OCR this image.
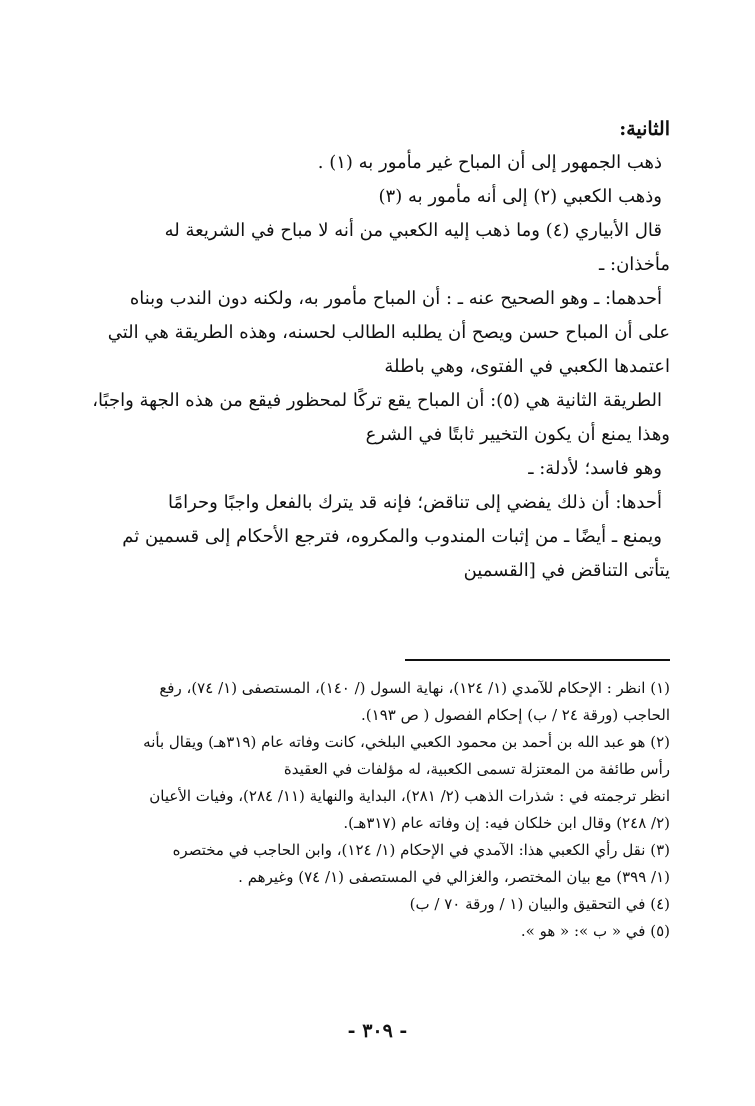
الثانية:
ذهب الجمهور إلى أن المباح غير مأمور به (١) .
وذهب الكعبي (٢) إلى أنه مأمور به (٣)
قال الأبياري (٤) وما ذهب إليه الكعبي من أنه لا مباح في الشريعة له
مأخذان: ـ
أحدهما: ـ وهو الصحيح عنه ـ : أن المباح مأمور به، ولكنه دون الندب وبناه
على أن المباح حسن ويصح أن يطلبه الطالب لحسنه، وهذه الطريقة هي التي
اعتمدها الكعبي في الفتوى، وهي باطلة
الطريقة الثانية هي (٥): أن المباح يقع تركًا لمحظور فيقع من هذه الجهة واجبًا،
وهذا يمنع أن يكون التخيير ثابتًا في الشرع
وهو فاسد؛ لأدلة: ـ
أحدها: أن ذلك يفضي إلى تناقض؛ فإنه قد يترك بالفعل واجبًا وحرامًا
ويمنع ـ أيضًا ـ من إثبات المندوب والمكروه، فترجع الأحكام إلى قسمين ثم
يتأتى التناقض في [القسمين
(١) انظر : الإحكام للآمدي (١/ ١٢٤)، نهاية السول (/ ١٤٠)، المستصفى (١/ ٧٤)، رفع
الحاجب (ورقة ٢٤ / ب) إحكام الفصول ( ص ١٩٣).
(٢) هو عبد الله بن أحمد بن محمود الكعبي البلخي، كانت وفاته عام (٣١٩هـ) ويقال بأنه
رأس طائفة من المعتزلة تسمى الكعبية، له مؤلفات في العقيدة
انظر ترجمته في : شذرات الذهب (٢/ ٢٨١)، البداية والنهاية (١١/ ٢٨٤)، وفيات الأعيان
(٢/ ٢٤٨) وقال ابن خلكان فيه: إن وفاته عام (٣١٧هـ).
(٣) نقل رأي الكعبي هذا: الآمدي في الإحكام (١/ ١٢٤)، وابن الحاجب في مختصره
(١/ ٣٩٩) مع بيان المختصر، والغزالي في المستصفى (١/ ٧٤) وغيرهم .
(٤) في التحقيق والبيان (١ / ورقة ٧٠ / ب)
(٥) في « ب »: « هو ».
- ٣٠٩ -
